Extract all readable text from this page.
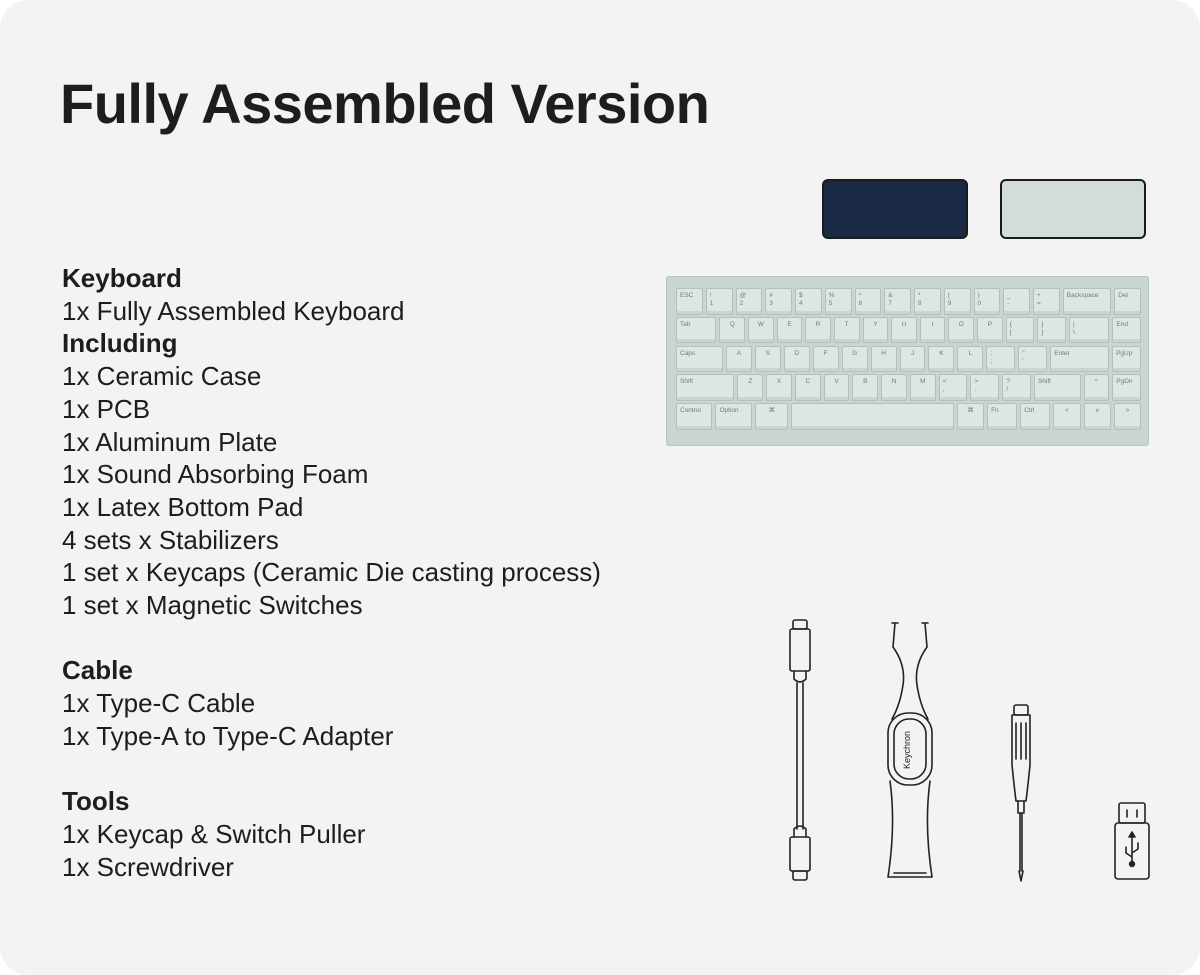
Fully Assembled Version
Keyboard
1x Fully Assembled Keyboard
Including
1x Ceramic Case
1x PCB
1x Aluminum Plate
1x Sound Absorbing Foam
1x Latex Bottom Pad
4 sets x Stabilizers
1 set x Keycaps (Ceramic Die casting process)
1 set x Magnetic Switches
Cable
1x Type-C Cable
1x Type-A to Type-C Adapter
Tools
1x Keycap & Switch Puller
1x Screwdriver
ESC	!
1
@
2
#
3
$
4
%
5
^
6
&
7
*
8
(
9
)
0
_
-
+
=
Backspace	Del
Tab	Q	W	E	R	T	Y	U	I	O	P	{
[
}
]
|
\
End
Caps	A	S	D	F	G	H	J	K	L	:
;
"
'
Enter	PgUp
Shift	Z	X	C	V	B	N	M	<
,
>
.
?
/
Shift	^	PgDn
Control	Option	⌘	⌘	Fn	Ctrl	<	v	>
Keychron
